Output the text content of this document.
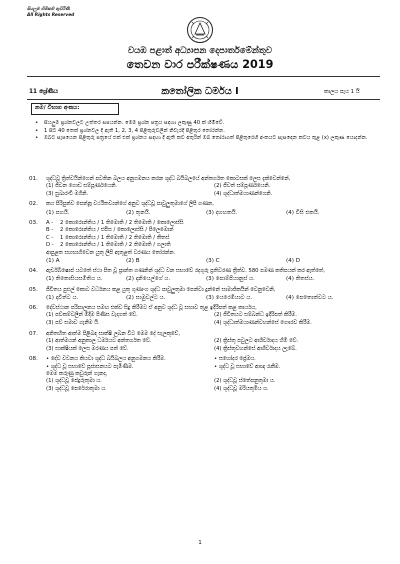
සියලුම හිමිකම් ඇවිරිණි
All Rights Reserved
වයඹ පළාත් අධ්‍යාපන දෙපාර්තමේන්තුව
තෙවන වාර පරීක්ෂණය 2019
11 ශ්‍රේණිය	කතෝලික ධර්මය I	කාලය පැය 1 යි
නම/ විභාග අංකය:
• සියලුම ප්‍රශ්නවලට උත්තර සපයන්න. මෙම ප්‍රශ්න පත්‍රය සඳහා ලකුණු 40 ක් හිමිවේ.
• 1 සිට 40 තෙක් ප්‍රශ්නවල දී ඇති 1, 2, 3, 4 පිළිතුරුවලින් නිවැරදි පිළිතුර තෝරන්න.
• ඔබට සැපයෙන පිළිතුරු පත්‍රයේ එක් එක් ප්‍රශ්නය සඳහා දී ඇති කව අතුරින් ඔබ තෝරාගත් පිළිතුරෙහි අංකයට සැසඳෙන කවය තුළ (x) ලකුණ යොදන්න.
01. ශුද්ධවූ ත්‍රිත්වයින්ගෙන් පවතින බලය අනුගමනය කරන ශුද්ධ බයිබලයේ අන්තර්ගත කොටසක් ලෙස දැක්වෙන්නේ,
(1) ජීවන ගොඩ සම්පූර්ණයෙනි.	(2) ජීවත් සම්පූර්ණයෙනි.
(3) සුබාරංචි මගිනි.	(4) ශුද්ධාත්මයාණන්ගෙනි.
02. කය පිරිපුන්ව පෙන්නූ වර්ථිතව්‍යන්ගේ අනුව ශුද්ධවූ පාවුලුතුමාගේ ලිපි ගණන,
(1) පහයි.	(2) තුනයි.	(3) දහහතයි.	(4) විසි එකයි.
03. A - 2 කොරොන්තිය / 1 තිමොති / 2 තිමොති / කොලොස්සි
B - 2 කොරොන්තිය / එපීස / කොලොස්සි / පිලෙමොන්
C - 1 කොරොන්තිය / 1 තිමොති / 2 තිමොති / තීතස්
D - 2 කොරොන්තිය / 1 තිමොති / 2 තිමොති / ගලාති
ආපුළත සහභාගිවෙන යුතු ලිපි ඇතුළත් වරණය තෝරන්න.
(1) A	(2) B	(3) C	(4) D
04. ඇර්ච්බිෂොප් යටතේ ස්ථා පිත වූ ප්‍රාන්ත ගණනින් ශුද්ධ වන සභාවේ රදගුරු ප්‍රතිවරණ ත්‍රීත්ව. 580 පමණ කතිපයක් කර ඇත්තේ,
(1) තිතොසියසමිතිය ය.	(2) දානියෙල්ගේ ය.	(3) පොම්පියානුස් ය.	(4) තිතස්ය.
05. ජීවිතය පුළුල් කොට වර්ධනය කළ යුතු ගුණාංග ශුද්ධ පාවුලුතුමා පෙන්වා දුන්නේ සාමාජිකයින් වෙනුවෙනි,
(1) දාවිත්ට ය.	(2) සාමුවල්ට ය.	(3) යෙරෙමියාට ය.	(4) පෙතොත්වට ය.
06. දේවස්ථාන පරිපාලනය සමඟ එක්ව සිදු කිරීමට ඒ අනුව ශුද්ධ වූ සභාව තුළ ඉදිරිපත් කළ කාර්යය,
(1) පව්කම්වලින් මිදීම පිණිස වැදගත් වේ.	(2) ජීවිතයට සම්බන්ධ ඉදිරිපත් කිරීම.
(3) පව් සමාව ගැනීම යි.	(4) ශුද්ධාත්මයාණන්වහන්සේ ගෞරව කිරීම.
07. අනිතහිත ආත්ම පිළිබඳ සාක්ෂි ලබන විට මෙම දේ සැලකුවේ,
(1) ආත්මයන් අනුකාල ධර්මයට අන්තර්ගත වේ.	(2) ක්‍රිස්තු පවුලට ආශීර්වාදය හිමි වේ.
(3) සාක්ෂියක් ලෙස මරණය පත් වේ.	(4) ක්‍රිස්තුවහන්සේ ආශීර්වාදය ලැබේ.
08. • දේව වචනය කියවා ශුද්ධ බයිබලය අනුගමනය කිරීම.	• සහෝදර ප්‍රේමය.
• ශුද්ධ වූ සභාවේ පූජාසනයට පැමිණීම.	• ශුද්ධ වූ සභාවේ ආඥා රැකීම.
මෙම කරුණු කවුරුන් ගැනද,
(1) ශුද්ධවූ පේදුරුතුමා ය.	(2) ශුද්ධවූ ස්තේපනුතුමා ය.
(3) ශුද්ධවූ පෙරේරාතුමා ය.	(4) ශුද්ධවූ මරියතුමිය ය.
1
